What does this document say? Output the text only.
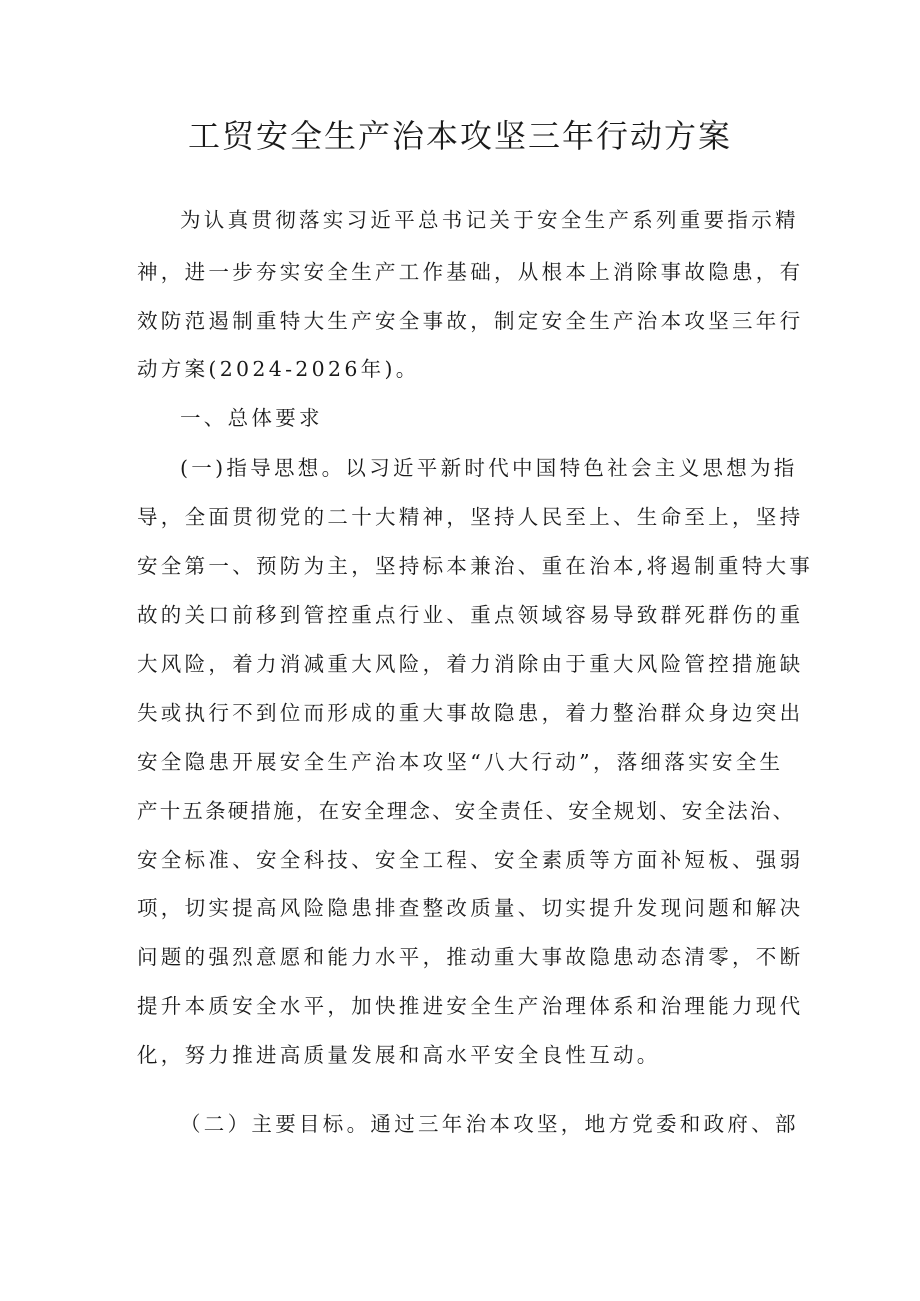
工贸安全生产治本攻坚三年行动方案

为认真贯彻落实习近平总书记关于安全生产系列重要指示精

神，进一步夯实安全生产工作基础，从根本上消除事故隐患，有

效防范遏制重特大生产安全事故，制定安全生产治本攻坚三年行

动方案(2024-2026年)。

一、总体要求

(一)指导思想。以习近平新时代中国特色社会主义思想为指

导，全面贯彻党的二十大精神，坚持人民至上、生命至上，坚持

安全第一、预防为主，坚持标本兼治、重在治本,将遏制重特大事

故的关口前移到管控重点行业、重点领域容易导致群死群伤的重

大风险，着力消减重大风险，着力消除由于重大风险管控措施缺

失或执行不到位而形成的重大事故隐患，着力整治群众身边突出

安全隐患开展安全生产治本攻坚“八大行动”，落细落实安全生

产十五条硬措施，在安全理念、安全责任、安全规划、安全法治、

安全标准、安全科技、安全工程、安全素质等方面补短板、强弱

项，切实提高风险隐患排查整改质量、切实提升发现问题和解决

问题的强烈意愿和能力水平，推动重大事故隐患动态清零，不断

提升本质安全水平，加快推进安全生产治理体系和治理能力现代

化，努力推进高质量发展和高水平安全良性互动。

（二）主要目标。通过三年治本攻坚，地方党委和政府、部
